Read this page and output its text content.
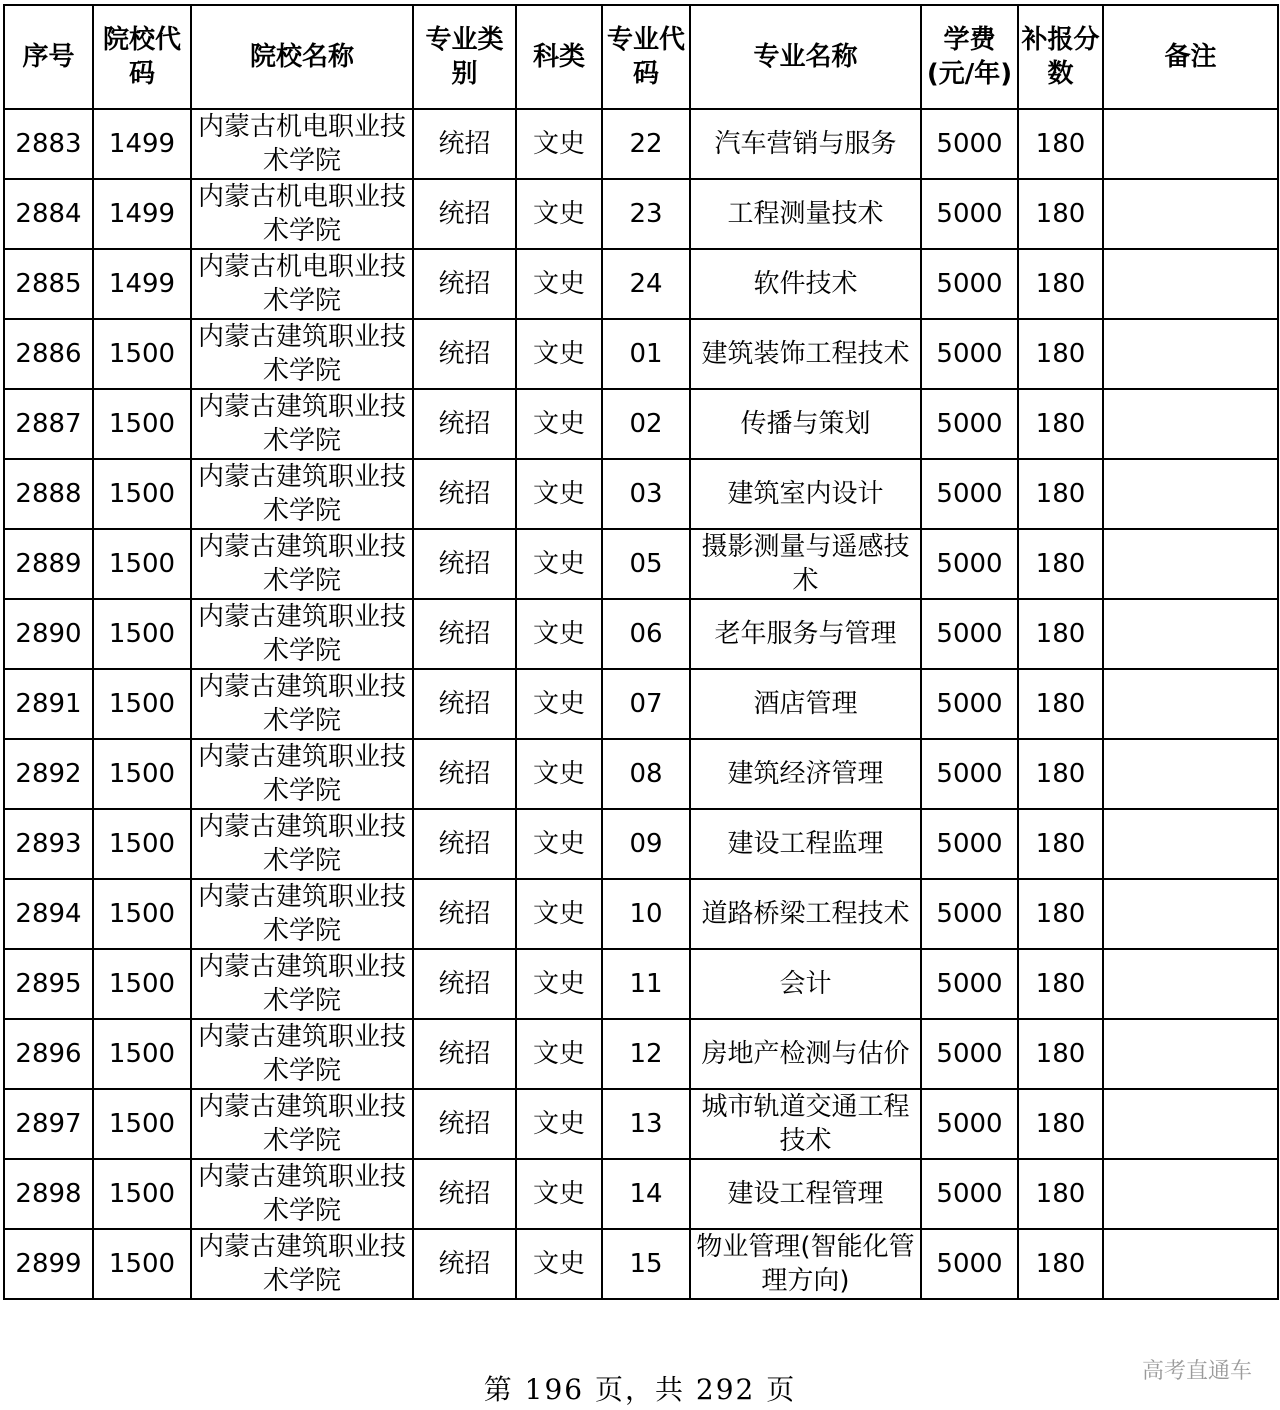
序号	院校代码	院校名称	专业类别	科类	专业代码	专业名称	学费(元/年)	补报分数	备注
2883	1499	内蒙古机电职业技术学院	统招	文史	22	汽车营销与服务	5000	180	
2884	1499	内蒙古机电职业技术学院	统招	文史	23	工程测量技术	5000	180	
2885	1499	内蒙古机电职业技术学院	统招	文史	24	软件技术	5000	180	
2886	1500	内蒙古建筑职业技术学院	统招	文史	01	建筑装饰工程技术	5000	180	
2887	1500	内蒙古建筑职业技术学院	统招	文史	02	传播与策划	5000	180	
2888	1500	内蒙古建筑职业技术学院	统招	文史	03	建筑室内设计	5000	180	
2889	1500	内蒙古建筑职业技术学院	统招	文史	05	摄影测量与遥感技术	5000	180	
2890	1500	内蒙古建筑职业技术学院	统招	文史	06	老年服务与管理	5000	180	
2891	1500	内蒙古建筑职业技术学院	统招	文史	07	酒店管理	5000	180	
2892	1500	内蒙古建筑职业技术学院	统招	文史	08	建筑经济管理	5000	180	
2893	1500	内蒙古建筑职业技术学院	统招	文史	09	建设工程监理	5000	180	
2894	1500	内蒙古建筑职业技术学院	统招	文史	10	道路桥梁工程技术	5000	180	
2895	1500	内蒙古建筑职业技术学院	统招	文史	11	会计	5000	180	
2896	1500	内蒙古建筑职业技术学院	统招	文史	12	房地产检测与估价	5000	180	
2897	1500	内蒙古建筑职业技术学院	统招	文史	13	城市轨道交通工程技术	5000	180	
2898	1500	内蒙古建筑职业技术学院	统招	文史	14	建设工程管理	5000	180	
2899	1500	内蒙古建筑职业技术学院	统招	文史	15	物业管理(智能化管理方向)	5000	180	
第 196 页，共 292 页
高考直通车
